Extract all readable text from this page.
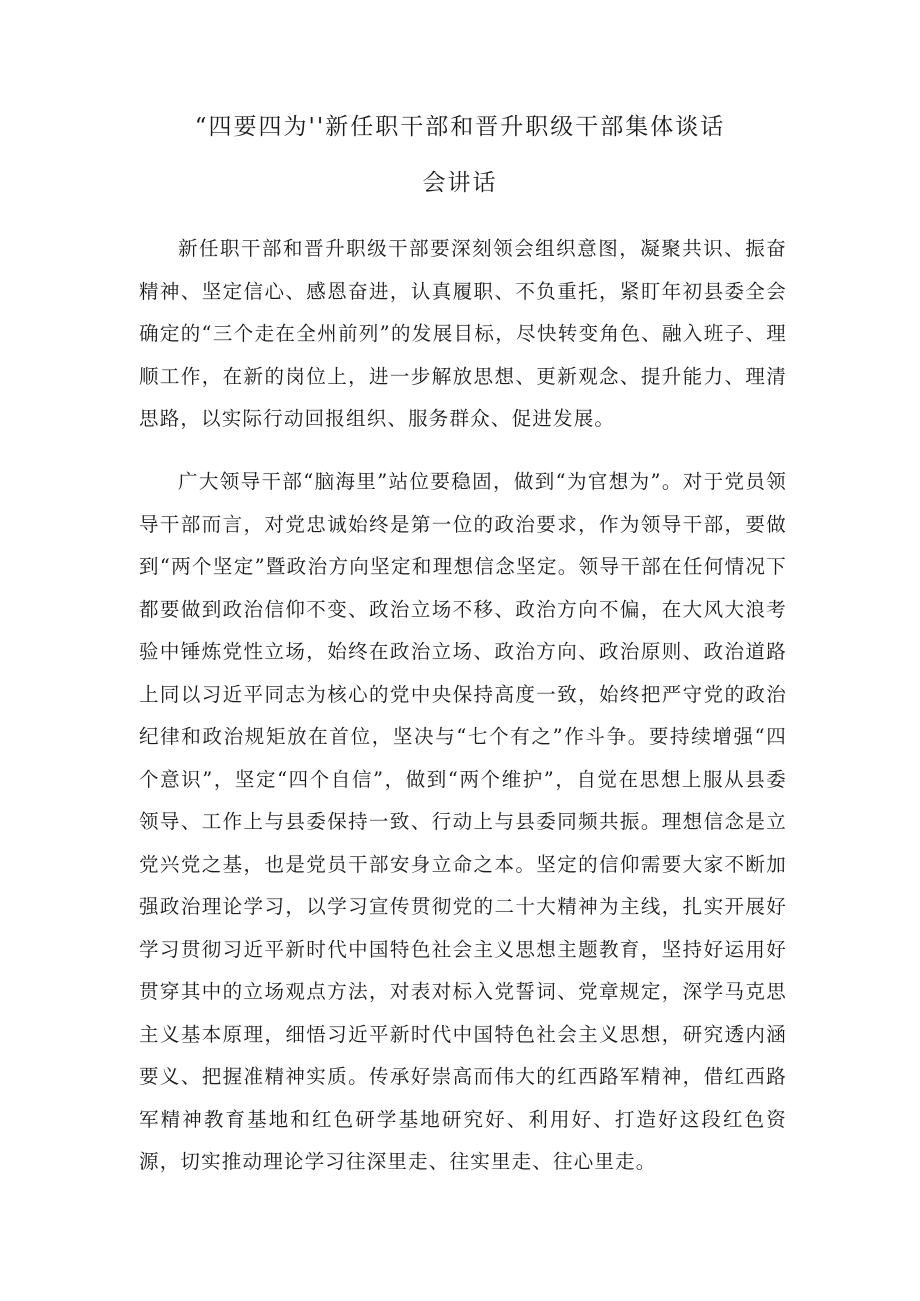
“四要四为''新任职干部和晋升职级干部集体谈话
会讲话

新任职干部和晋升职级干部要深刻领会组织意图，凝聚共识、振奋精神、坚定信心、感恩奋进，认真履职、不负重托，紧盯年初县委全会确定的“三个走在全州前列”的发展目标，尽快转变角色、融入班子、理顺工作，在新的岗位上，进一步解放思想、更新观念、提升能力、理清思路，以实际行动回报组织、服务群众、促进发展。

广大领导干部“脑海里”站位要稳固，做到“为官想为”。对于党员领导干部而言，对党忠诚始终是第一位的政治要求，作为领导干部，要做到“两个坚定”暨政治方向坚定和理想信念坚定。领导干部在任何情况下都要做到政治信仰不变、政治立场不移、政治方向不偏，在大风大浪考验中锤炼党性立场，始终在政治立场、政治方向、政治原则、政治道路上同以习近平同志为核心的党中央保持高度一致，始终把严守党的政治纪律和政治规矩放在首位，坚决与“七个有之”作斗争。要持续增强“四个意识”，坚定“四个自信”，做到“两个维护”，自觉在思想上服从县委领导、工作上与县委保持一致、行动上与县委同频共振。理想信念是立党兴党之基，也是党员干部安身立命之本。坚定的信仰需要大家不断加强政治理论学习，以学习宣传贯彻党的二十大精神为主线，扎实开展好学习贯彻习近平新时代中国特色社会主义思想主题教育，坚持好运用好贯穿其中的立场观点方法，对表对标入党誓词、党章规定，深学马克思主义基本原理，细悟习近平新时代中国特色社会主义思想，研究透内涵要义、把握准精神实质。传承好崇高而伟大的红西路军精神，借红西路军精神教育基地和红色研学基地研究好、利用好、打造好这段红色资源，切实推动理论学习往深里走、往实里走、往心里走。
